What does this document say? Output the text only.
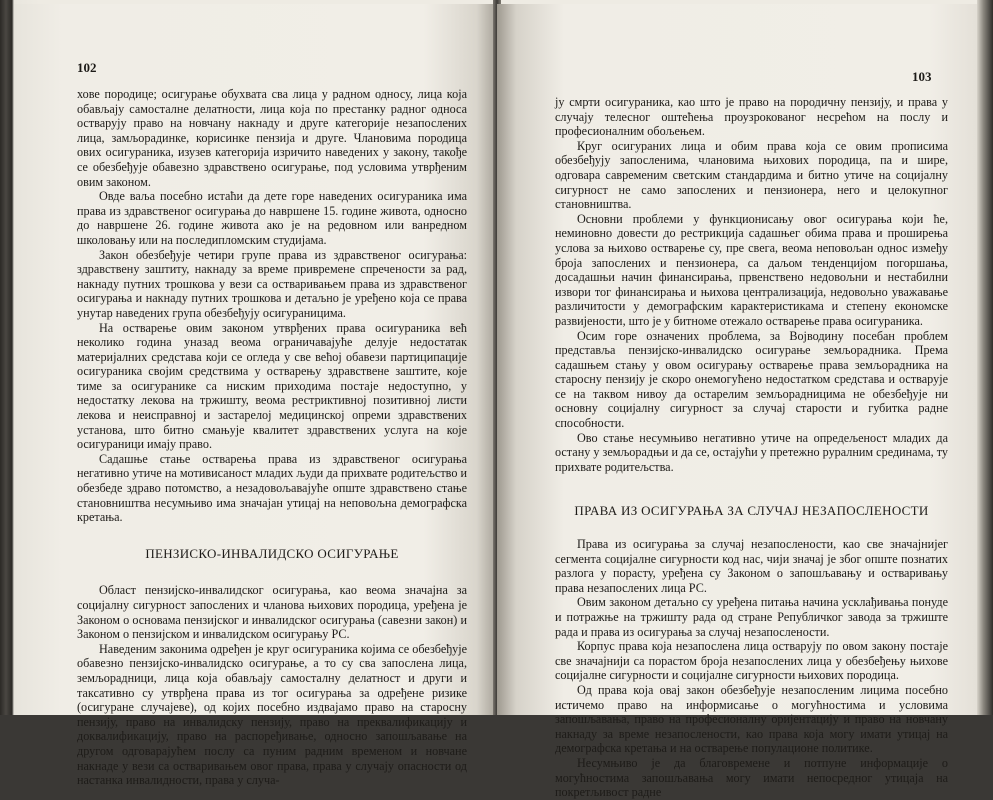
102

хове породице; осигурање обухвата сва лица у радном односу, лица која обављају самосталне делатности, лица која по престанку радног односа остварују право на новчану накнаду и друге категорије незапослених лица, замљорадинке, корисинке пензија и друге. Члановима породица ових осигураника, изузев категорија изричито наведених у закону, такође се обезбеђује обавезно здравствено осигурање, под условима утврђеним овим законом.

Овде ваља посебно истаћи да дете горе наведених осигураника има права из здравственог осигурања до навршене 15. године живота, односно до навршене 26. године живота ако је на редовном или ванредном школовању или на последипломским студијама.

Закон обезбеђује четири групе права из здравственог осигурања: здравствену заштиту, накнаду за време привремене спречености за рад, накнаду путних трошкова у вези са остваривањем права из здравственог осигурања и накнаду путних трошкова и детаљно је уређено која се права унутар наведених група обезбеђују осигураницима.

На остварење овим законом утврђених права осигураника већ неколико година уназад веома ограничавајуће делује недостатак материјалних средстава који се огледа у све већој обавези партиципације осигураника својим средствима у остварењу здравствене заштите, које тиме за осигуранике са ниским приходима постаје недоступно, у недостатку лекова на тржишту, веома рестриктивној позитивној листи лекова и неисправној и застарелој медицинској опреми здравствених установа, што битно смањује квалитет здравствених услуга на које осигураници имају право.

Садашње стање остварења права из здравственог осигурања негативно утиче на мотивисаност младих људи да прихвате родитељство и обезбеде здраво потомство, а незадовољавајуће опште здравствено стање становништва несумњиво има значајан утицај на неповољна демографска кретања.

ПЕНЗИСКО-ИНВАЛИДСКО ОСИГУРАЊЕ

Област пензијско-инвалидског осигурања, као веома значајна за социјалну сигурност запослених и чланова њихових породица, уређена је Законом о основама пензијског и инвалидског осигурања (савезни закон) и Законом о пензијском и инвалидском осигурању РС.

Наведеним законима одређен је круг осигураника којима се обезбеђује обавезно пензијско-инвалидско осигурање, а то су сва запослена лица, земљорадници, лица која обављају самосталну делатност и други и таксативно су утврђена права из тог осигурања за одређене ризике (осигуране случајеве), од којих посебно издвајамо право на старосну пензију, право на инвалидску пензију, право на преквалификацију и доквалификацију, право на распоређивање, односно запошљавање на другом одговарајућем послу са пуним радним временом и новчане накнаде у вези са остваривањем овог права, права у случају опасности од настанка инвалидности, права у случа-

103

ју смрти осигураника, као што је право на породичну пензију, и права у случају телесног оштећења проузрокованог несрећом на послу и професионалним обољењем.

Круг осигураних лица и обим права која се овим прописима обезбеђују запосленима, члановима њихових породица, па и шире, одговара савременим светским стандардима и битно утиче на социјалну сигурност не само запослених и пензионера, него и целокупног становништва.

Основни проблеми у функционисању овог осигурања који ће, неминовно довести до рестрикција садашњег обима права и проширења услова за њихово остварење су, пре свега, веома неповољан однос између броја запослених и пензионера, са даљом тенденцијом погоршања, досадашњи начин финансирања, првенствено недовољни и нестабилни извори тог финансирања и њихова централизација, недовољно уважавање различитости у демографским карактеристикама и степену економске развијености, што је у битноме отежало остварење права осигураника.

Осим горе означених проблема, за Војводину посебан проблем представља пензијско-инвалидско осигурање земљорадника. Према садашњем стању у овом осигурању остварење права земљорадника на старосну пензију је скоро онемогућено недостатком средстава и остварује се на таквом нивоу да остарелим земљорадницима не обезбеђује ни основну социјалну сигурност за случај старости и губитка радне способности.

Ово стање несумњиво негативно утиче на опредељеност младих да остану у земљорадњи и да се, остајући у претежно руралним срединама, ту прихвате родитељства.

ПРАВА ИЗ ОСИГУРАЊА ЗА СЛУЧАЈ НЕЗАПОСЛЕНОСТИ

Права из осигурања за случај незапослености, као све значајнијег сегмента социјалне сигурности код нас, чији значај је због опште познатих разлога у порасту, уређена су Законом о запошљавању и остваривању права незапослених лица РС.

Овим законом детаљно су уређена питања начина усклађивања понуде и потражње на тржишту рада од стране Републичког завода за тржиште рада и права из осигурања за случај незапослености.

Корпус права која незапослена лица остварују по овом закону постаје све значајнији са порастом броја незапослених лица у обезбеђењу њихове социјалне сигурности и социјалне сигурности њихових породица.

Од права која овај закон обезбеђује незапосленим лицима посебно истичемо право на информисање о могућностима и условима запошљавања, право на професионалну оријентацију и право на новчану накнаду за време незапослености, као права која могу имати утицај на демографска кретања и на остварење популационе политике.

Несумњиво је да благовремене и потпуне информације о могућностима запошљавања могу имати непосредног утицаја на покретљивост радне
